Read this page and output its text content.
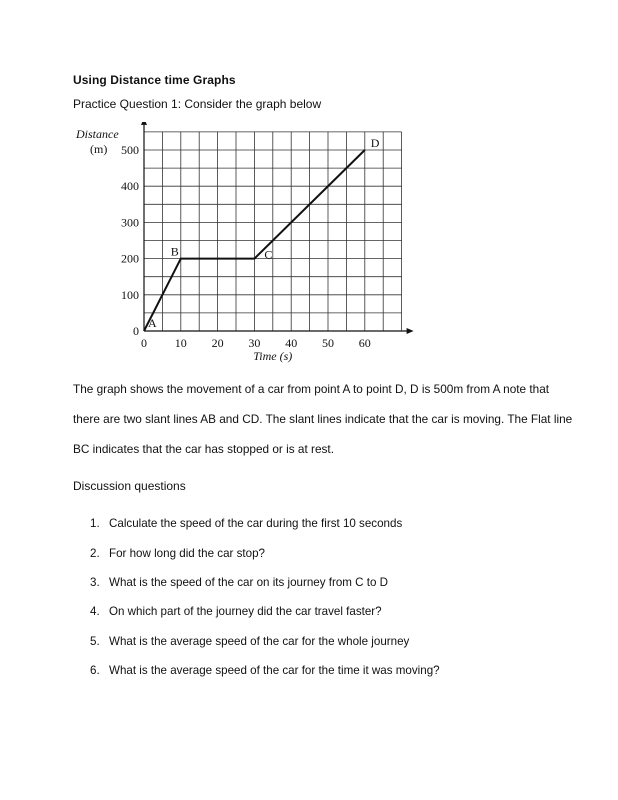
Using Distance time Graphs
Practice Question 1: Consider the graph below
0
100
200
300
400
500
0 10 20 30 40 50 60
Distance
(m)
Time (s)
A
B	C
D
The graph shows the movement of a car from point A to point D, D is 500m from A note that
there are two slant lines AB and CD. The slant lines indicate that the car is moving. The Flat line
BC indicates that the car has stopped or is at rest.
Discussion questions
1. Calculate the speed of the car during the first 10 seconds
2. For how long did the car stop?
3. What is the speed of the car on its journey from C to D
4. On which part of the journey did the car travel faster?
5. What is the average speed of the car for the whole journey
6. What is the average speed of the car for the time it was moving?
